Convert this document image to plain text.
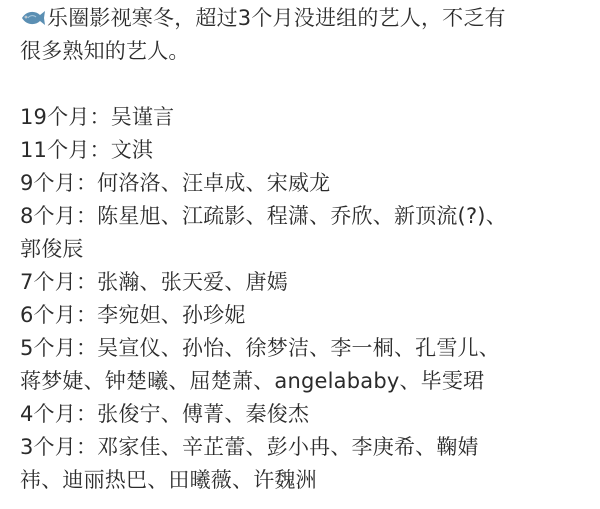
乐圈影视寒冬，超过3个月没进组的艺人，不乏有
很多熟知的艺人。
19个月：吴谨言
11个月：文淇
9个月：何洛洛、汪卓成、宋威龙
8个月：陈星旭、江疏影、程潇、乔欣、新顶流(?)、
郭俊辰
7个月：张瀚、张天爱、唐嫣
6个月：李宛妲、孙珍妮
5个月：吴宣仪、孙怡、徐梦洁、李一桐、孔雪儿、
蒋梦婕、钟楚曦、屈楚萧、angelababy、毕雯珺
4个月：张俊宁、傅菁、秦俊杰
3个月：邓家佳、辛芷蕾、彭小冉、李庚希、鞠婧
祎、迪丽热巴、田曦薇、许魏洲
